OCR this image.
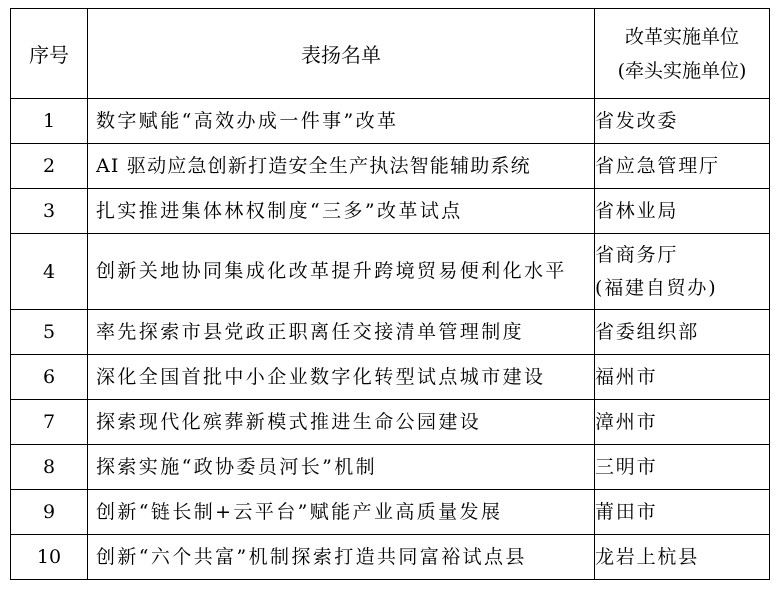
序号	表扬名单	改革实施单位
(牵头实施单位)

1	数字赋能“高效办成一件事”改革	省发改委

2	AI 驱动应急创新打造安全生产执法智能辅助系统	省应急管理厅

3	扎实推进集体林权制度“三多”改革试点	省林业局

4	创新关地协同集成化改革提升跨境贸易便利化水平	省商务厅
(福建自贸办)

5	率先探索市县党政正职离任交接清单管理制度	省委组织部

6	深化全国首批中小企业数字化转型试点城市建设	福州市

7	探索现代化殡葬新模式推进生命公园建设	漳州市

8	探索实施“政协委员河长”机制	三明市

9	创新“链长制+云平台”赋能产业高质量发展	莆田市

10	创新“六个共富”机制探索打造共同富裕试点县	龙岩上杭县
